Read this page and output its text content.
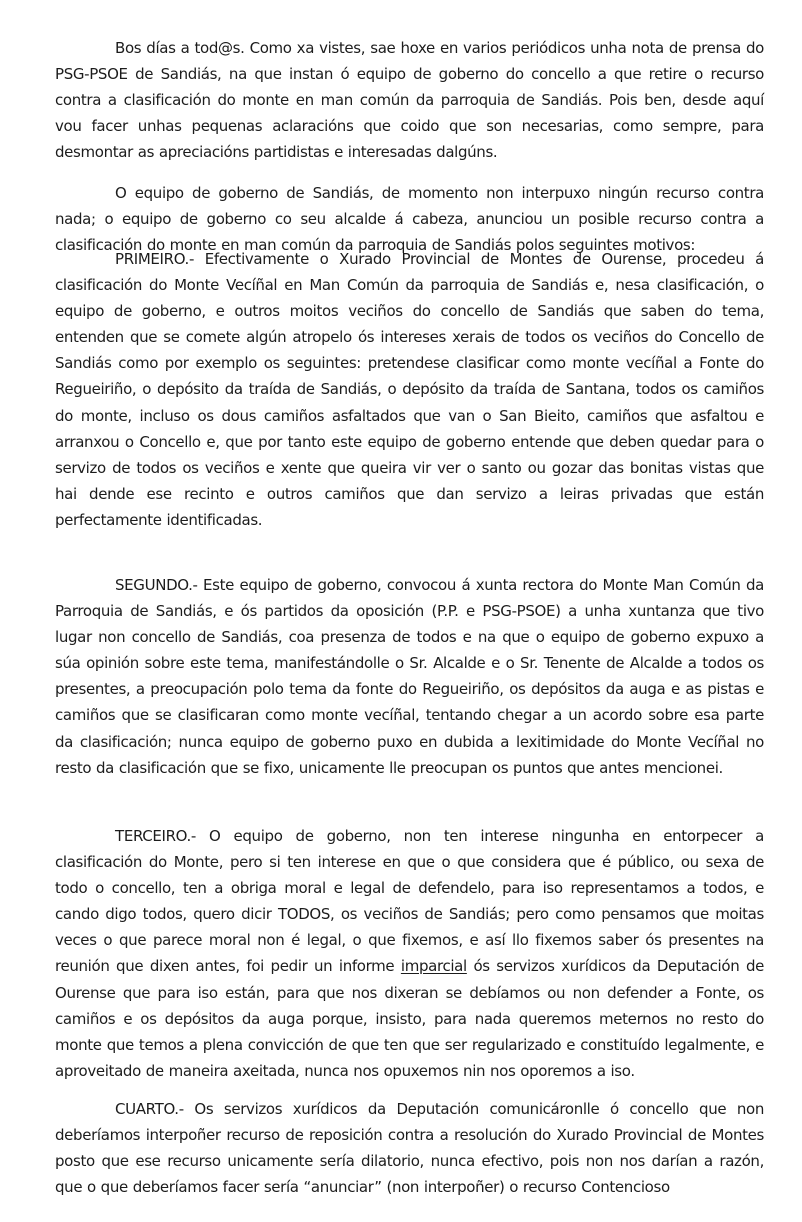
Bos días a tod@s. Como xa vistes, sae hoxe en varios periódicos unha nota de prensa do PSG-PSOE de Sandiás, na que instan ó equipo de goberno do concello a que retire o recurso contra a clasificación do monte en man común da parroquia de Sandiás. Pois ben, desde aquí vou facer unhas pequenas aclaracións que coido que son necesarias, como sempre, para desmontar as apreciacións partidistas e interesadas dalgúns.

O equipo de goberno de Sandiás, de momento non interpuxo ningún recurso contra nada; o equipo de goberno co seu alcalde á cabeza, anunciou un posible recurso contra a clasificación do monte en man común da parroquia de Sandiás polos seguintes motivos:

PRIMEIRO.- Efectivamente o Xurado Provincial de Montes de Ourense, procedeu á clasificación do Monte Vecíñal en Man Común da parroquia de Sandiás e, nesa clasificación, o equipo de goberno, e outros moitos veciños do concello de Sandiás que saben do tema, entenden que se comete algún atropelo ós intereses xerais de todos os veciños do Concello de Sandiás como por exemplo os seguintes: pretendese clasificar como monte vecíñal a Fonte do Regueiriño, o depósito da traída de Sandiás, o depósito da traída de Santana, todos os camiños do monte, incluso os dous camiños asfaltados que van o San Bieito, camiños que asfaltou e arranxou o Concello e, que por tanto este equipo de goberno entende que deben quedar para o servizo de todos os veciños e xente que queira vir ver o santo ou gozar das bonitas vistas que hai dende ese recinto e outros camiños que dan servizo a leiras privadas que están perfectamente identificadas.

SEGUNDO.- Este equipo de goberno, convocou á xunta rectora do Monte Man Común da Parroquia de Sandiás, e ós partidos da oposición (P.P. e PSG-PSOE) a unha xuntanza que tivo lugar non concello de Sandiás, coa presenza de todos e na que o equipo de goberno expuxo a súa opinión sobre este tema, manifestándolle o Sr. Alcalde e o Sr. Tenente de Alcalde a todos os presentes, a preocupación polo tema da fonte do Regueiriño, os depósitos da auga e as pistas e camiños que se clasificaran como monte vecíñal, tentando chegar a un acordo sobre esa parte da clasificación; nunca equipo de goberno puxo en dubida a lexitimidade do Monte Vecíñal no resto da clasificación que se fixo, unicamente lle preocupan os puntos que antes mencionei.

TERCEIRO.- O equipo de goberno, non ten interese ningunha en entorpecer a clasificación do Monte, pero si ten interese en que o que considera que é público, ou sexa de todo o concello, ten a obriga moral e legal de defendelo, para iso representamos a todos, e cando digo todos, quero dicir TODOS, os veciños de Sandiás; pero como pensamos que moitas veces o que parece moral non é legal, o que fixemos, e así llo fixemos saber ós presentes na reunión que dixen antes, foi pedir un informe imparcial ós servizos xurídicos da Deputación de Ourense que para iso están, para que nos dixeran se debíamos ou non defender a Fonte, os camiños e os depósitos da auga porque, insisto, para nada queremos meternos no resto do monte que temos a plena convicción de que ten que ser regularizado e constituído legalmente, e aproveitado de maneira axeitada, nunca nos opuxemos nin nos oporemos a iso.

CUARTO.- Os servizos xurídicos da Deputación comunicáronlle ó concello que non deberíamos interpoñer recurso de reposición contra a resolución do Xurado Provincial de Montes posto que ese recurso unicamente sería dilatorio, nunca efectivo, pois non nos darían a razón, que o que deberíamos facer sería “anunciar” (non interpoñer) o recurso Contencioso
